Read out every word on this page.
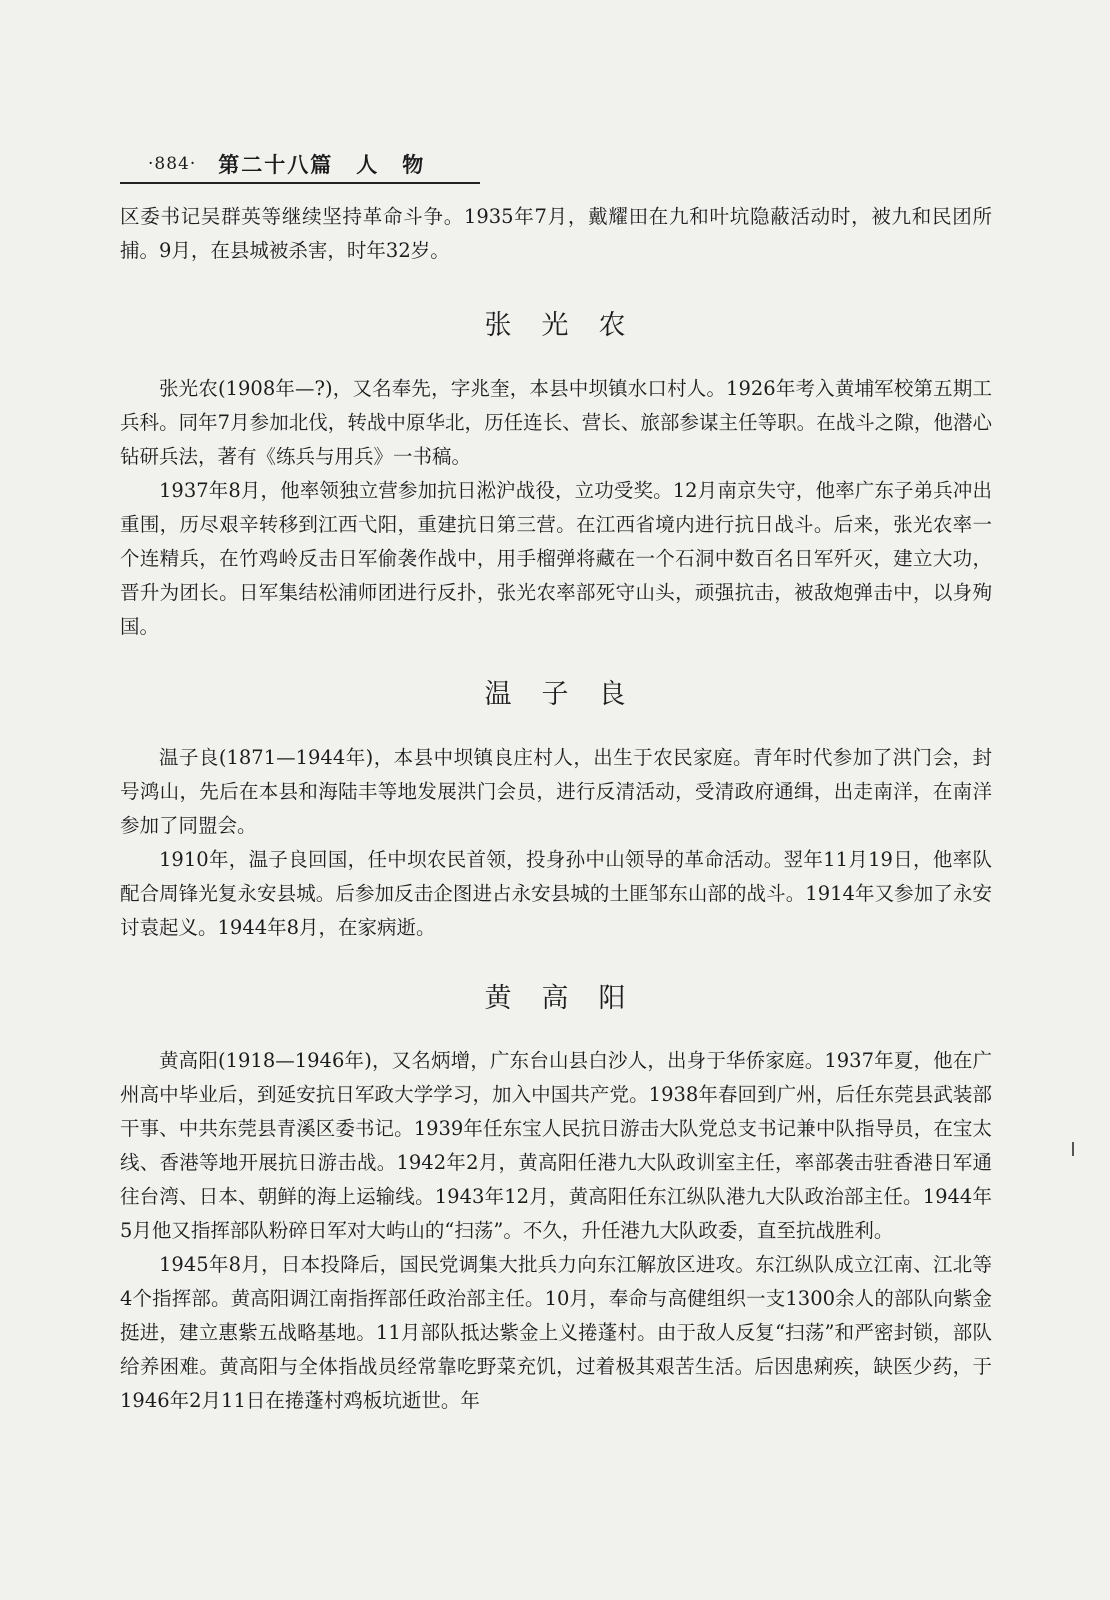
·884· 第二十八篇　人　物

区委书记吴群英等继续坚持革命斗争。1935年7月，戴耀田在九和叶坑隐蔽活动时，被九和民团所捕。9月，在县城被杀害，时年32岁。

张光农

张光农(1908年—?)，又名奉先，字兆奎，本县中坝镇水口村人。1926年考入黄埔军校第五期工兵科。同年7月参加北伐，转战中原华北，历任连长、营长、旅部参谋主任等职。在战斗之隙，他潜心钻研兵法，著有《练兵与用兵》一书稿。

1937年8月，他率领独立营参加抗日淞沪战役，立功受奖。12月南京失守，他率广东子弟兵冲出重围，历尽艰辛转移到江西弋阳，重建抗日第三营。在江西省境内进行抗日战斗。后来，张光农率一个连精兵，在竹鸡岭反击日军偷袭作战中，用手榴弹将藏在一个石洞中数百名日军歼灭，建立大功，晋升为团长。日军集结松浦师团进行反扑，张光农率部死守山头，顽强抗击，被敌炮弹击中，以身殉国。

温子良

温子良(1871—1944年)，本县中坝镇良庄村人，出生于农民家庭。青年时代参加了洪门会，封号鸿山，先后在本县和海陆丰等地发展洪门会员，进行反清活动，受清政府通缉，出走南洋，在南洋参加了同盟会。

1910年，温子良回国，任中坝农民首领，投身孙中山领导的革命活动。翌年11月19日，他率队配合周锋光复永安县城。后参加反击企图进占永安县城的土匪邹东山部的战斗。1914年又参加了永安讨袁起义。1944年8月，在家病逝。

黄高阳

黄高阳(1918—1946年)，又名炳增，广东台山县白沙人，出身于华侨家庭。1937年夏，他在广州高中毕业后，到延安抗日军政大学学习，加入中国共产党。1938年春回到广州，后任东莞县武装部干事、中共东莞县青溪区委书记。1939年任东宝人民抗日游击大队党总支书记兼中队指导员，在宝太线、香港等地开展抗日游击战。1942年2月，黄高阳任港九大队政训室主任，率部袭击驻香港日军通往台湾、日本、朝鲜的海上运输线。1943年12月，黄高阳任东江纵队港九大队政治部主任。1944年5月他又指挥部队粉碎日军对大屿山的“扫荡”。不久，升任港九大队政委，直至抗战胜利。

1945年8月，日本投降后，国民党调集大批兵力向东江解放区进攻。东江纵队成立江南、江北等4个指挥部。黄高阳调江南指挥部任政治部主任。10月，奉命与高健组织一支1300余人的部队向紫金挺进，建立惠紫五战略基地。11月部队抵达紫金上义捲蓬村。由于敌人反复“扫荡”和严密封锁，部队给养困难。黄高阳与全体指战员经常靠吃野菜充饥，过着极其艰苦生活。后因患痢疾，缺医少药，于1946年2月11日在捲蓬村鸡板坑逝世。年
